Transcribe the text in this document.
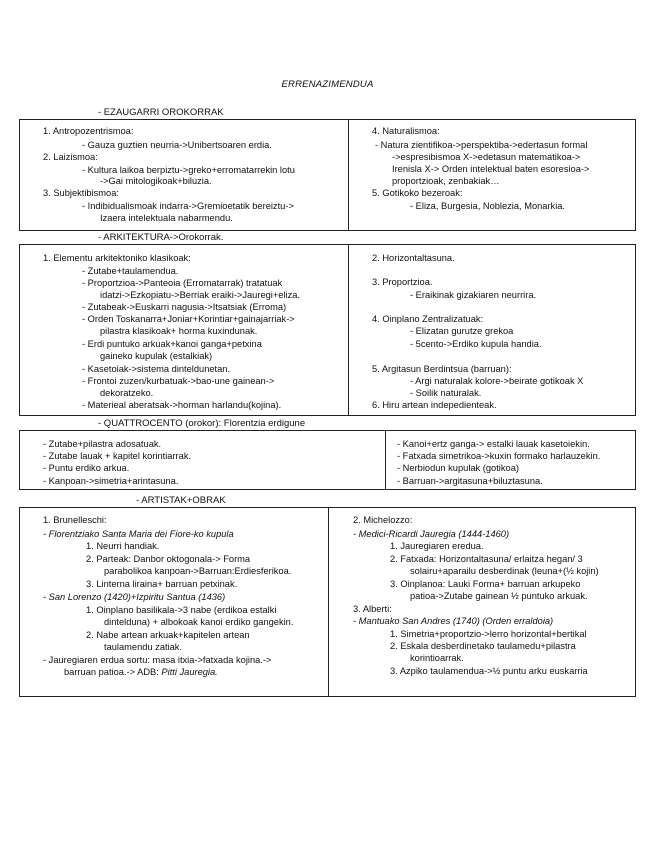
ERRENAZIMENDUA
- EZAUGARRI OROKORRAK
1. Antropozentrismoa:
- Gauza guztien neurria->Unibertsoaren erdia.
2. Laizismoa:
- Kultura laikoa berpiztu->greko+erromatarrekin lotu
->Gai mitologikoak+biluzia.
3. Subjektibismoa:
- Indibidualismoak indarra->Gremioetatik bereiztu->
Izaera intelektuala nabarmendu.
4. Naturalismoa:
- Natura zientifikoa->perspektiba->edertasun formal
->espresibismoa X->edetasun matematikoa->
Irenisla X-> Orden intelektual baten esoresioa->
proportzioak, zenbakiak…
5. Gotikoko bezeroak:
- Eliza, Burgesia, Noblezia, Monarkia.
- ARKITEKTURA->Orokorrak.
1. Elementu arkitektoniko klasikoak:
- Zutabe+taulamendua.
- Proportzioa->Panteoia (Erromatarrak) tratatuak
idatzi->Ezkopiatu->Berriak eraiki->Jauregi+eliza.
- Zutabeak->Euskarri nagusia->Itsatsiak (Erroma)
- Orden Toskanarra+Joniar+Korintiar+gainajarriak->
pilastra klasikoak+ horma kuxindunak.
- Erdi puntuko arkuak+kanoi ganga+petxina
gaineko kupulak (estalkiak)
- Kasetoiak->sistema dinteldunetan.
- Frontoi zuzen/kurbatuak->bao-une gainean->
dekoratzeko.
- Materieal aberatsak->horman harlandu(kojina).
2. Horizontaltasuna.
3. Proportzioa.
- Eraikinak gizakiaren neurrira.
4. Oinplano Zentralizatuak:
- Elizatan gurutze grekoa
- 5cento->Erdiko kupula handia.
5. Argitasun Berdintsua (barruan):
- Argi naturalak kolore->beirate gotikoak X
- Soilik naturalak.
6. Hiru artean indepedienteak.
- QUATTROCENTO (orokor): Florentzia erdigune
- Zutabe+pilastra adosatuak.
- Zutabe lauak + kapitel korintiarrak.
- Puntu erdiko arkua.
- Kanpoan->simetria+arintasuna.
- Kanoi+ertz ganga-> estalki lauak kasetoiekin.
- Fatxada simetrikoa->kuxin formako harlauzekin.
- Nerbiodun kupulak (gotikoa)
- Barruan->argitasuna+biluztasuna.
- ARTISTAK+OBRAK
1. Brunelleschi:
- Florentziako Santa Maria dei Fiore-ko kupula
1. Neurri handiak.
2. Parteak: Danbor oktogonala-> Forma
parabolikoa kanpoan->Barruan:Erdiesferikoa.
3. Linterna liraina+ barruan petxinak.
- San Lorenzo (1420)+Izpiritu Santua (1436)
1. Oinplano basilikala->3 nabe (erdikoa estalki
dinteldunа) + albokoak kanoi erdiko gangekin.
2. Nabe artean arkuak+kapitelen artean
taulamendu zatiak.
- Jauregiaren erdua sortu: masa itxia->fatxada kojina.->
barruan patioa.-> ADB: Pitti Jauregia.
2. Michelozzo:
- Medici-Ricardi Jauregia (1444-1460)
1. Jauregiaren eredua.
2. Fatxada: Horizontaltasuna/ erlaitza hegan/ 3
solairu+aparailu desberdinak (leuna+(½ kojin)
3. Oinplanoa: Lauki Forma+ barruan arkupeko
patioa->Zutabe gainean ½ puntuko arkuak.
3. Alberti:
- Mantuako San Andres (1740) (Orden erraldoia)
1. Simetria+proportzio->lerro horizontal+bertikal
2. Eskala desberdinetako taulamedu+pilastra
korintioarrak.
3. Azpiko taulamendua->½ puntu arku euskarria
